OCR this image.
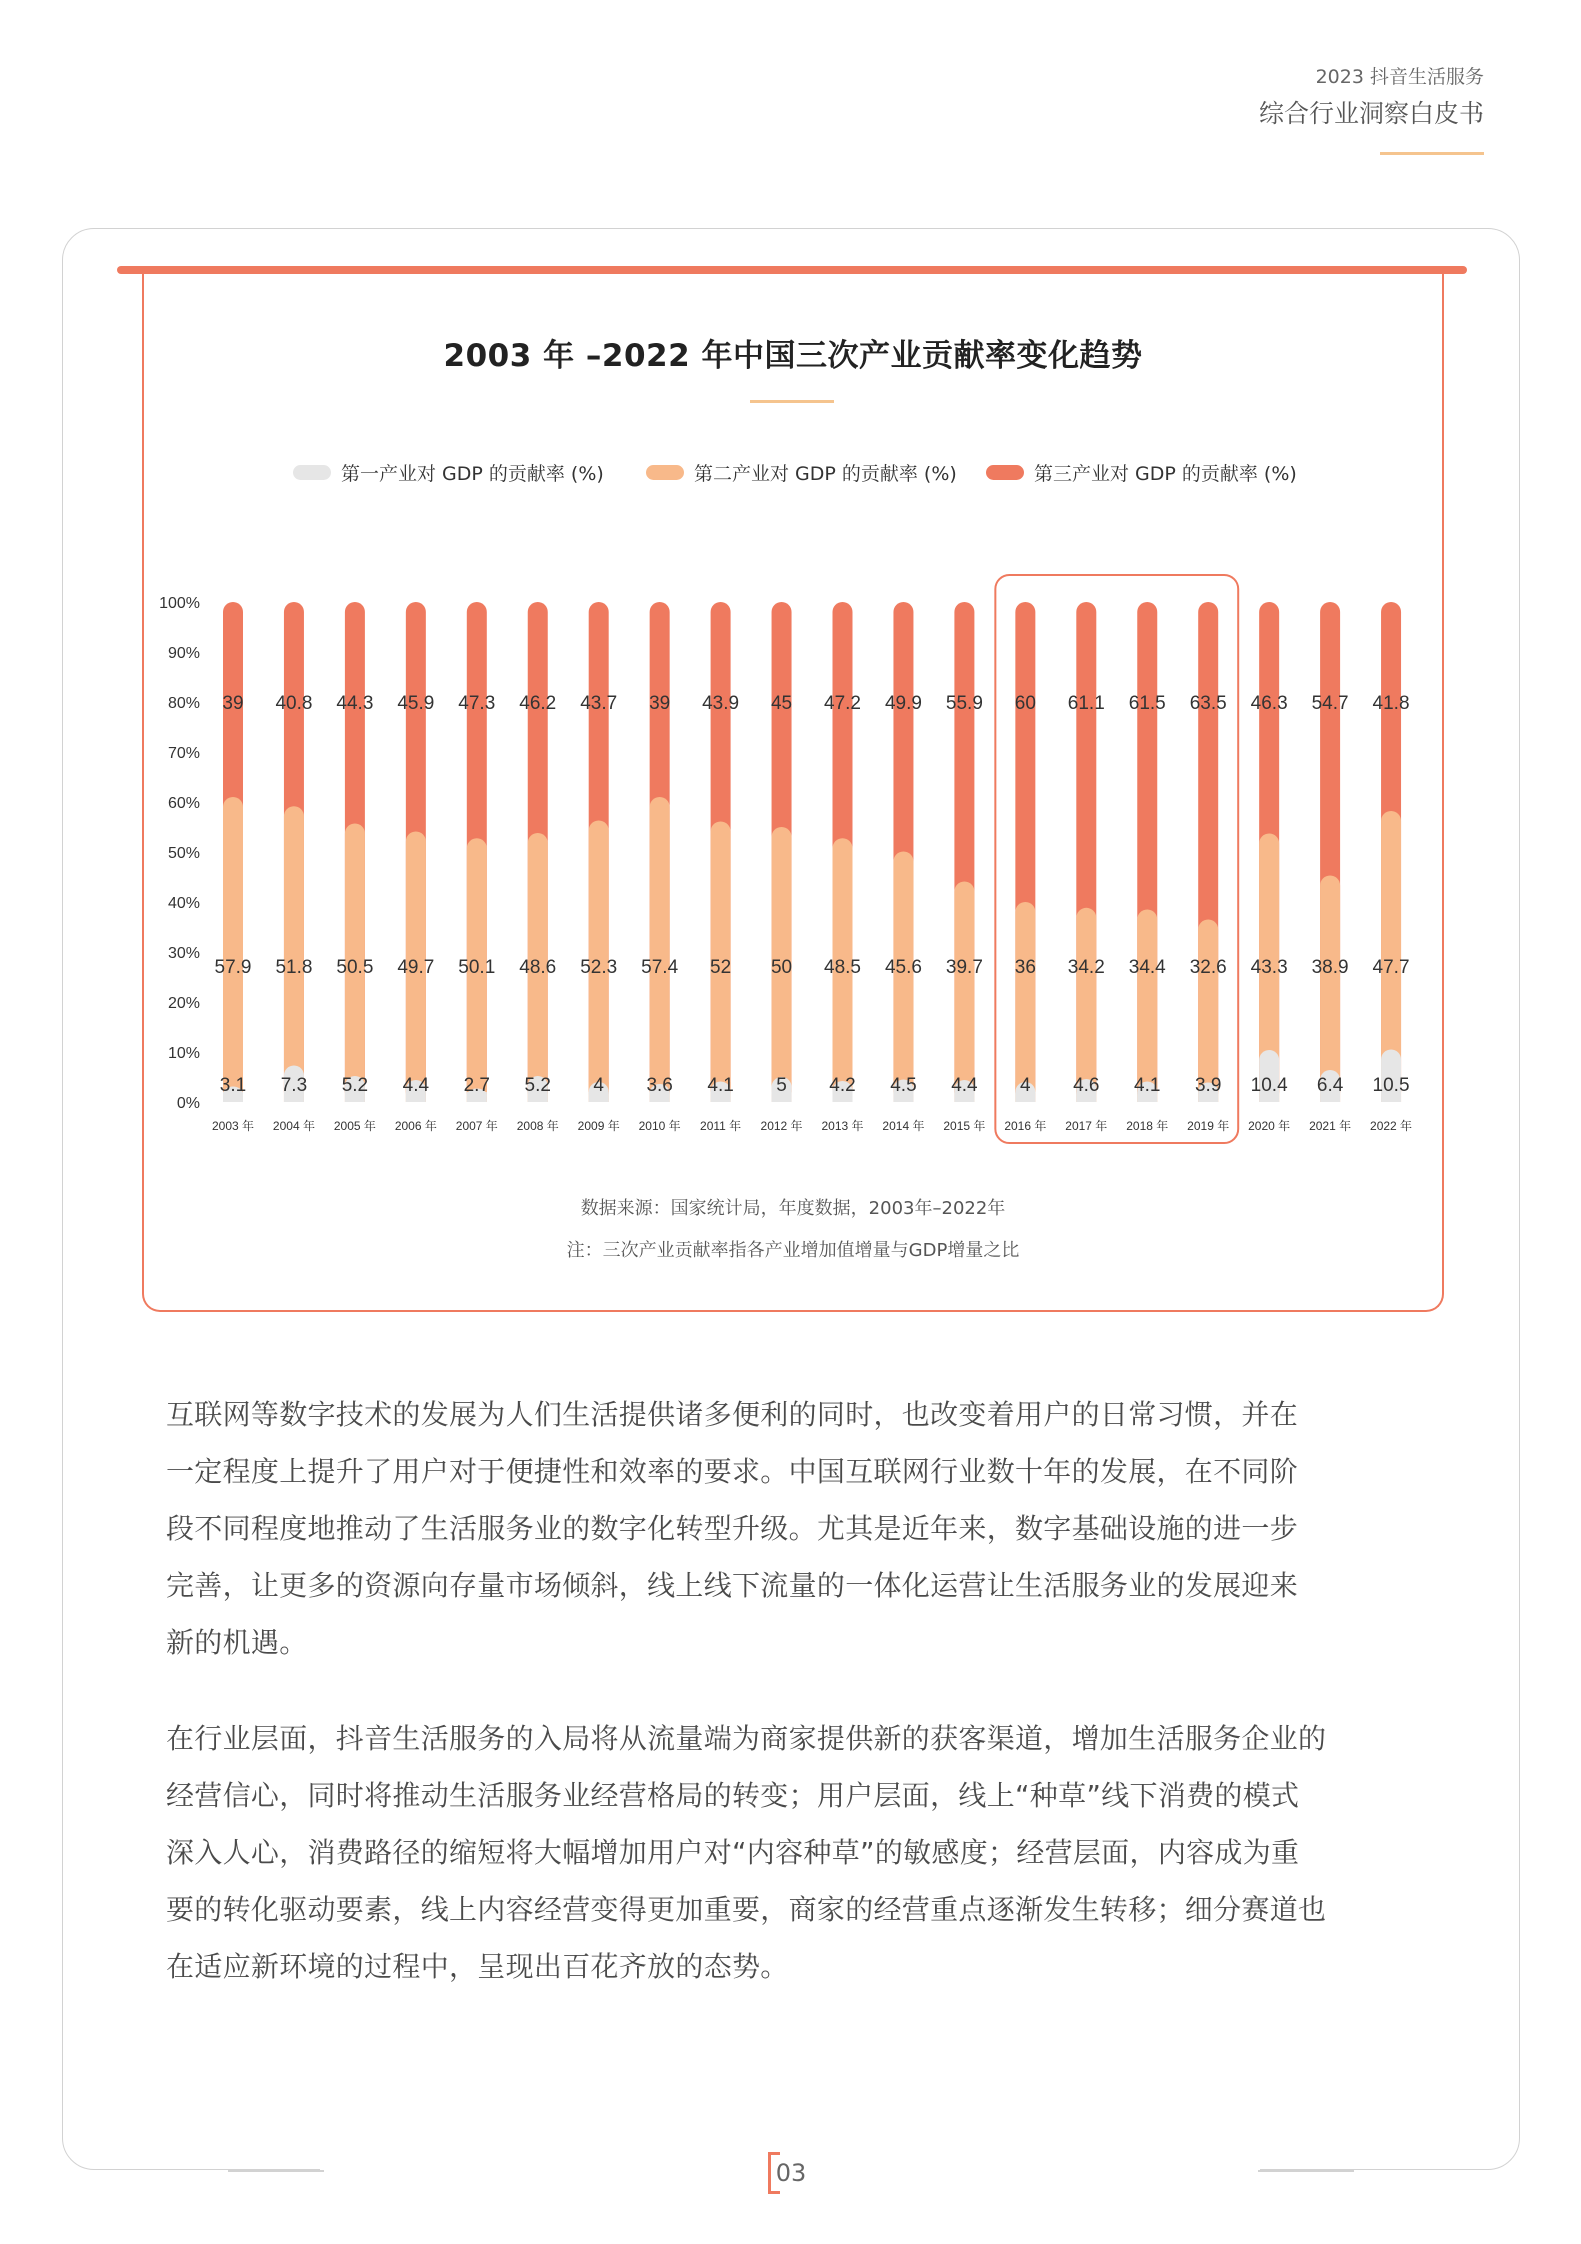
2023 抖音生活服务
综合行业洞察白皮书
2003 年 –2022 年中国三次产业贡献率变化趋势
第一产业对 GDP 的贡献率 (%)	第二产业对 GDP 的贡献率 (%)	第三产业对 GDP 的贡献率 (%)
0%
10%
20%
30%
40%
50%
60%
70%
80%
90%
100%
39
57.9
3.1
2003 年
40.8
51.8
7.3
2004 年
44.3
50.5
5.2
2005 年
45.9
49.7
4.4
2006 年
47.3
50.1
2.7
2007 年
46.2
48.6
5.2
2008 年
43.7
52.3
4
2009 年
39
57.4
3.6
2010 年
43.9
52
4.1
2011 年
45
50
5
2012 年
47.2
48.5
4.2
2013 年
49.9
45.6
4.5
2014 年
55.9
39.7
4.4
2015 年
60
36
4
2016 年
61.1
34.2
4.6
2017 年
61.5
34.4
4.1
2018 年
63.5
32.6
3.9
2019 年
46.3
43.3
10.4
2020 年
54.7
38.9
6.4
2021 年
41.8
47.7
10.5
2022 年
数据来源：国家统计局，年度数据，2003年–2022年
注：三次产业贡献率指各产业增加值增量与GDP增量之比
互联网等数字技术的发展为人们生活提供诸多便利的同时，也改变着用户的日常习惯，并在
一定程度上提升了用户对于便捷性和效率的要求。中国互联网行业数十年的发展，在不同阶
段不同程度地推动了生活服务业的数字化转型升级。尤其是近年来，数字基础设施的进一步
完善，让更多的资源向存量市场倾斜，线上线下流量的一体化运营让生活服务业的发展迎来
新的机遇。
在行业层面，抖音生活服务的入局将从流量端为商家提供新的获客渠道，增加生活服务企业的
经营信心，同时将推动生活服务业经营格局的转变；用户层面，线上“种草”线下消费的模式
深入人心，消费路径的缩短将大幅增加用户对“内容种草”的敏感度；经营层面，内容成为重
要的转化驱动要素，线上内容经营变得更加重要，商家的经营重点逐渐发生转移；细分赛道也
在适应新环境的过程中，呈现出百花齐放的态势。
03
